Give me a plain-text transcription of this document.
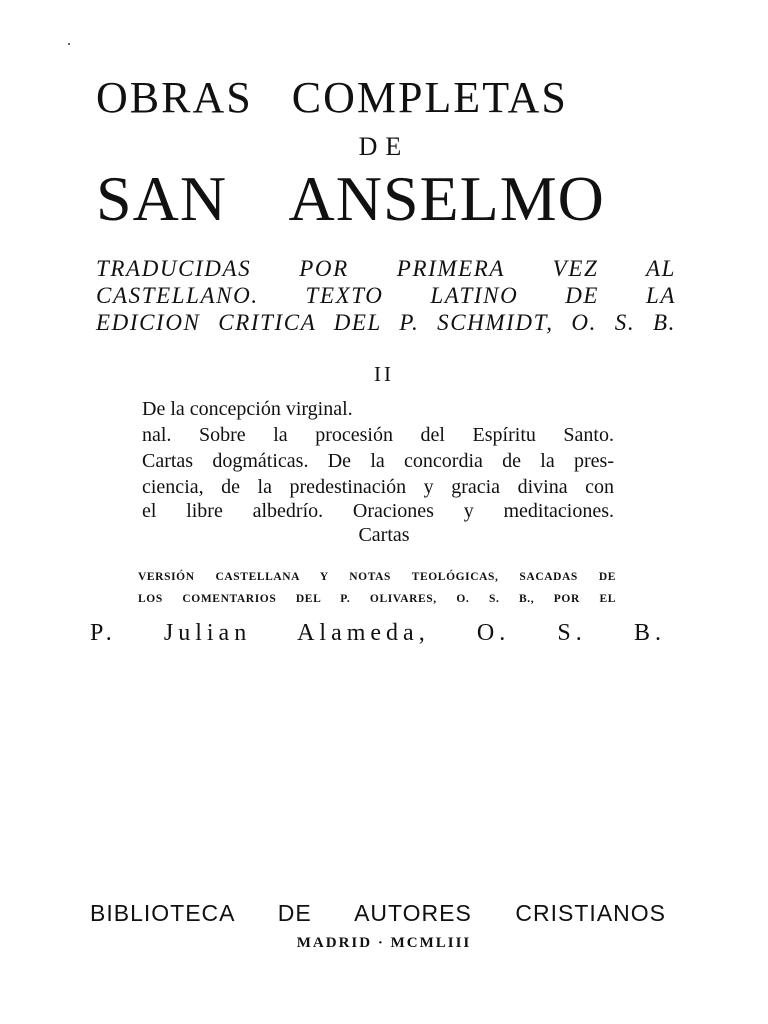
OBRAS COMPLETAS
DE
SAN ANSELMO
TRADUCIDAS POR PRIMERA VEZ AL
CASTELLANO. TEXTO LATINO DE LA
EDICION CRITICA DEL P. SCHMIDT, O. S. B.
II
De la concepción virginal.
nal. Sobre la procesión del Espíritu Santo.
Cartas dogmáticas. De la concordia de la pres-
ciencia, de la predestinación y gracia divina con
el libre albedrío. Oraciones y meditaciones.
Cartas
VERSIÓN CASTELLANA Y NOTAS TEOLÓGICAS, SACADAS DE
LOS COMENTARIOS DEL P. OLIVARES, O. S. B., POR EL
P. Julian Alameda, O. S. B.
BIBLIOTECA DE AUTORES CRISTIANOS
MADRID · MCMLIII
